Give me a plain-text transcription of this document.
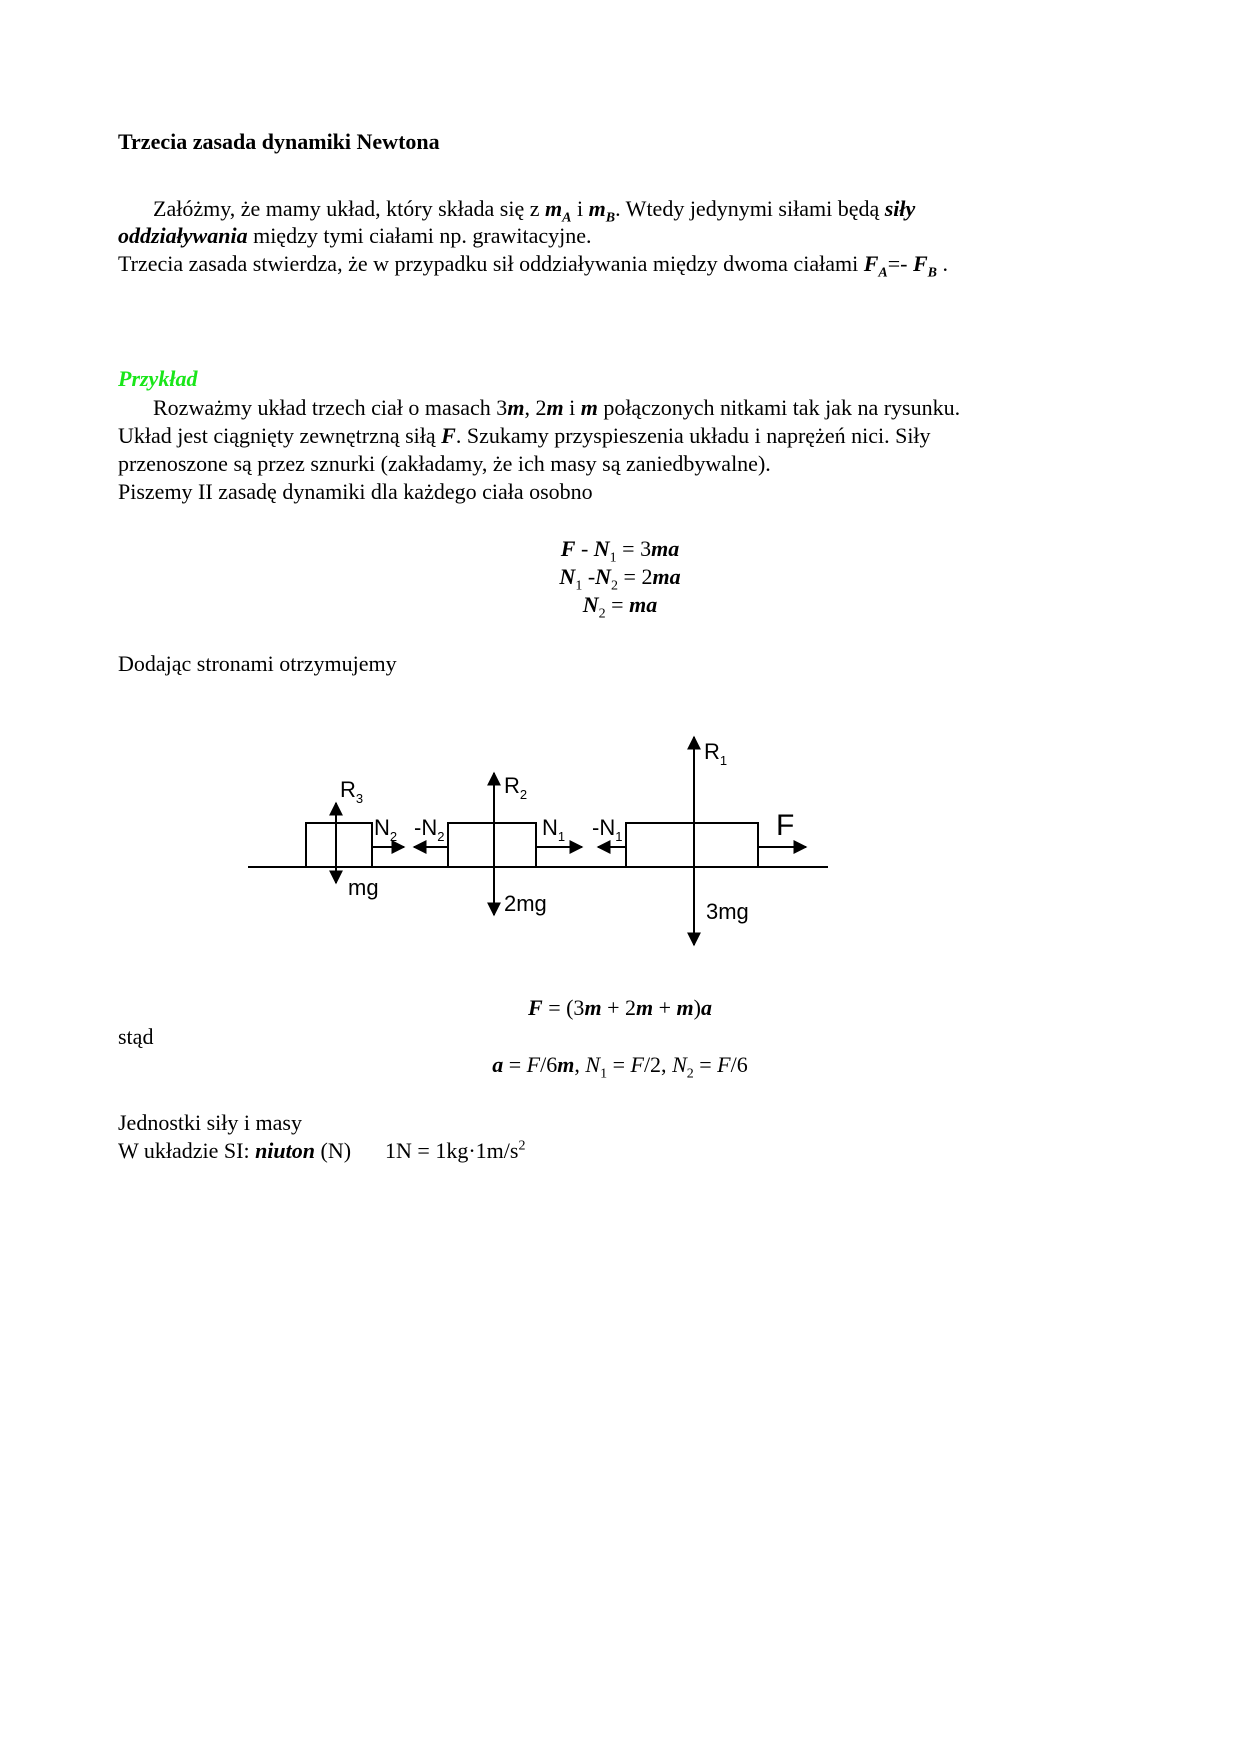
Trzecia zasada dynamiki Newtona
Załóżmy, że mamy układ, który składa się z $m_A$ i $m_B$. Wtedy jedynymi siłami będą siły
oddziaływania między tymi ciałami np. grawitacyjne.
Trzecia zasada stwierdza, że w przypadku sił oddziaływania między dwoma ciałami $F_A=-$ $F_B$ .
Przykład
Rozważmy układ trzech ciał o masach 3m, 2m i m połączonych nitkami tak jak na rysunku.
Układ jest ciągnięty zewnętrzną siłą F. Szukamy przyspieszenia układu i naprężeń nici. Siły
przenoszone są przez sznurki (zakładamy, że ich masy są zaniedbywalne).
Piszemy II zasadę dynamiki dla każdego ciała osobno
$F - N_1 = 3ma$
$N_1$ $-N_2 = 2ma$
$N_2$ = ma
Dodając stronami otrzymujemy
$R_1$
$R_2$
$R_3$
$N_2$ $-N_2$	$N_1$ $-N_1$	F
mg
2mg	3mg
F = (3m + 2m + m)a
stąd
a = F/6m, $N_1 = F/2$, $N_2 = F/6$
Jednostki siły i masy
W układzie SI: niuton (N) $1N = 1kg\cdot 1m/s^2$
